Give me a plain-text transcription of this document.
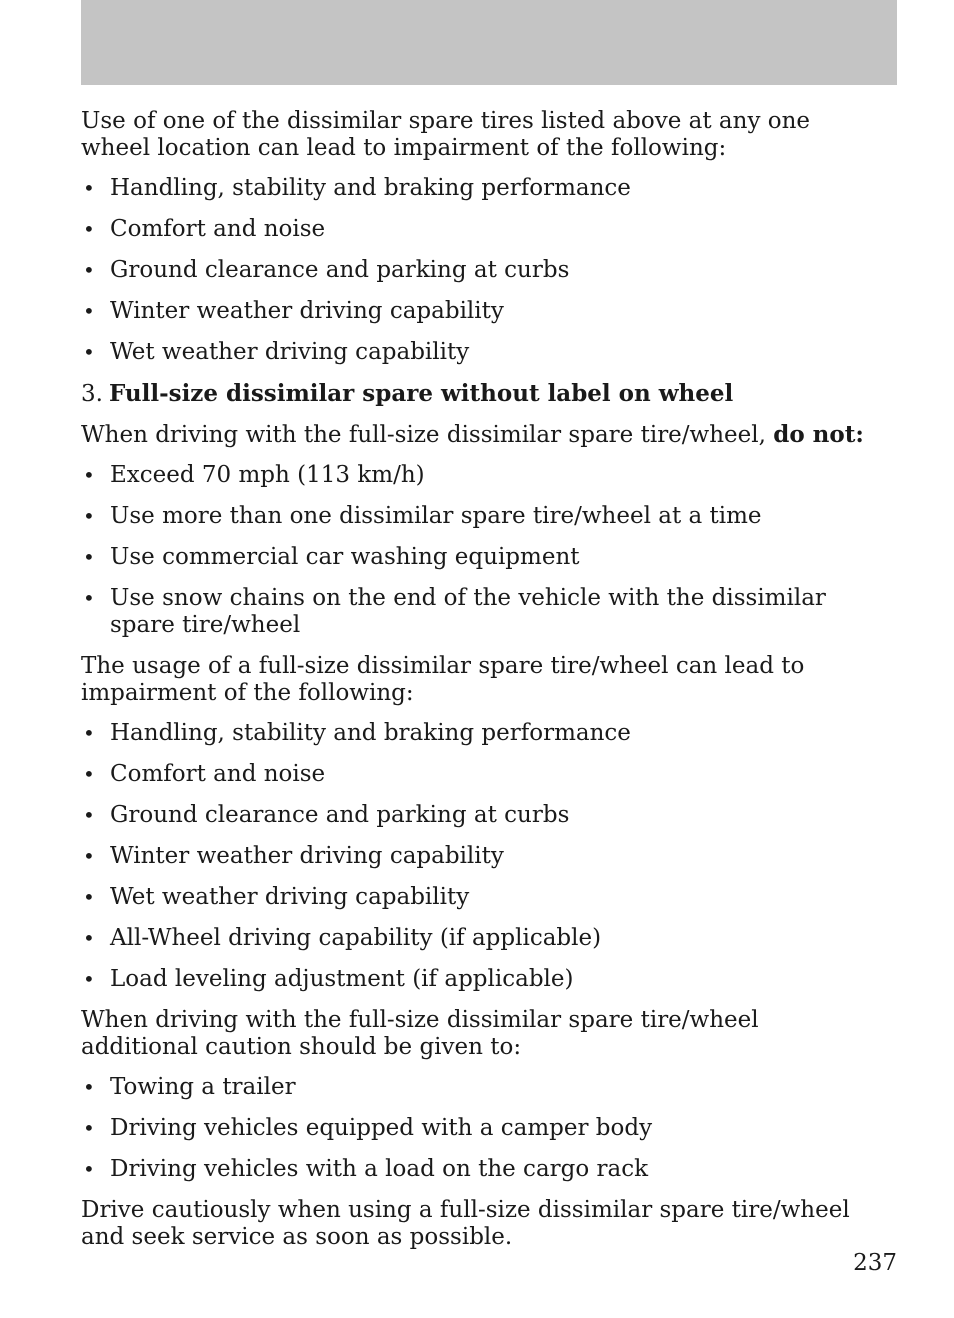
Use of one of the dissimilar spare tires listed above at any one wheel location can lead to impairment of the following:

• Handling, stability and braking performance
• Comfort and noise
• Ground clearance and parking at curbs
• Winter weather driving capability
• Wet weather driving capability

3. Full-size dissimilar spare without label on wheel

When driving with the full-size dissimilar spare tire/wheel, do not:

• Exceed 70 mph (113 km/h)
• Use more than one dissimilar spare tire/wheel at a time
• Use commercial car washing equipment
• Use snow chains on the end of the vehicle with the dissimilar spare tire/wheel

The usage of a full-size dissimilar spare tire/wheel can lead to impairment of the following:

• Handling, stability and braking performance
• Comfort and noise
• Ground clearance and parking at curbs
• Winter weather driving capability
• Wet weather driving capability
• All-Wheel driving capability (if applicable)
• Load leveling adjustment (if applicable)

When driving with the full-size dissimilar spare tire/wheel additional caution should be given to:

• Towing a trailer
• Driving vehicles equipped with a camper body
• Driving vehicles with a load on the cargo rack

Drive cautiously when using a full-size dissimilar spare tire/wheel and seek service as soon as possible.

237
